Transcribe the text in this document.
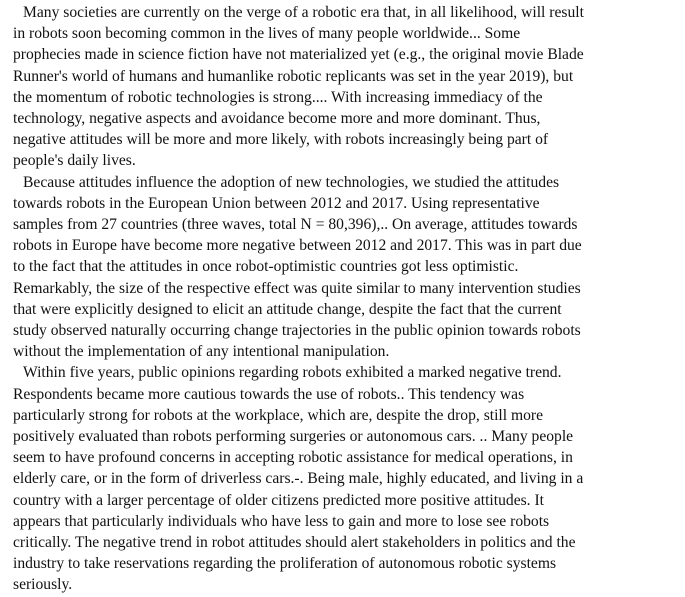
Many societies are currently on the verge of a robotic era that, in all likelihood, will result
in robots soon becoming common in the lives of many people worldwide... Some
prophecies made in science fiction have not materialized yet (e.g., the original movie Blade
Runner's world of humans and humanlike robotic replicants was set in the year 2019), but
the momentum of robotic technologies is strong.... With increasing immediacy of the
technology, negative aspects and avoidance become more and more dominant. Thus,
negative attitudes will be more and more likely, with robots increasingly being part of
people's daily lives.
Because attitudes influence the adoption of new technologies, we studied the attitudes
towards robots in the European Union between 2012 and 2017. Using representative
samples from 27 countries (three waves, total N = 80,396),.. On average, attitudes towards
robots in Europe have become more negative between 2012 and 2017. This was in part due
to the fact that the attitudes in once robot-optimistic countries got less optimistic.
Remarkably, the size of the respective effect was quite similar to many intervention studies
that were explicitly designed to elicit an attitude change, despite the fact that the current
study observed naturally occurring change trajectories in the public opinion towards robots
without the implementation of any intentional manipulation.
Within five years, public opinions regarding robots exhibited a marked negative trend.
Respondents became more cautious towards the use of robots.. This tendency was
particularly strong for robots at the workplace, which are, despite the drop, still more
positively evaluated than robots performing surgeries or autonomous cars. .. Many people
seem to have profound concerns in accepting robotic assistance for medical operations, in
elderly care, or in the form of driverless cars.-. Being male, highly educated, and living in a
country with a larger percentage of older citizens predicted more positive attitudes. It
appears that particularly individuals who have less to gain and more to lose see robots
critically. The negative trend in robot attitudes should alert stakeholders in politics and the
industry to take reservations regarding the proliferation of autonomous robotic systems
seriously.
